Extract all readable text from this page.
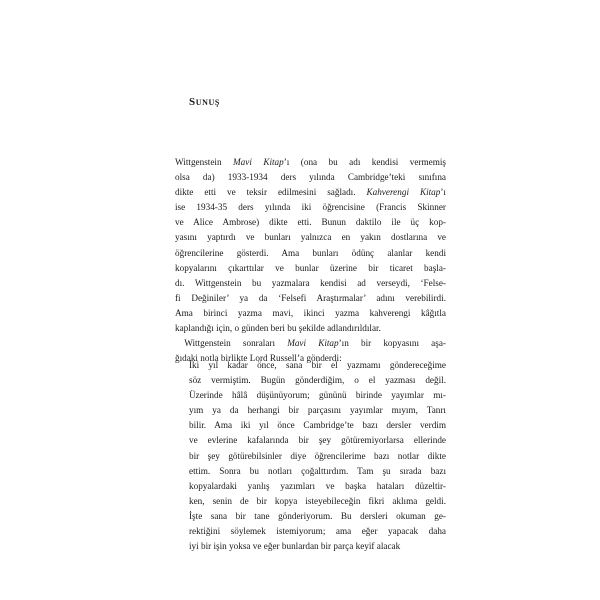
Sunuş
Wittgenstein Mavi Kitap’ı (ona bu adı kendisi vermemiş
olsa da) 1933-1934 ders yılında Cambridge’teki sınıfına
dikte etti ve teksir edilmesini sağladı. Kahverengi Kitap’ı
ise 1934-35 ders yılında iki öğrencisine (Francis Skinner
ve Alice Ambrose) dikte etti. Bunun daktilo ile üç kop-
yasını yaptırdı ve bunları yalnızca en yakın dostlarına ve
öğrencilerine gösterdi. Ama bunları ödünç alanlar kendi
kopyalarını çıkarttılar ve bunlar üzerine bir ticaret başla-
dı. Wittgenstein bu yazmalara kendisi ad verseydi, ‘Felse-
fi Değiniler’ ya da ‘Felsefi Araştırmalar’ adını verebilirdi.
Ama birinci yazma mavi, ikinci yazma kahverengi kâğıtla
kaplandığı için, o günden beri bu şekilde adlandırıldılar.
 Wittgenstein sonraları Mavi Kitap’ın bir kopyasını aşa-
ğıdaki notla birlikte Lord Russell’a gönderdi:
İki yıl kadar önce, sana bir el yazmamı göndereceğime
söz vermiştim. Bugün gönderdiğim, o el yazması değil.
Üzerinde hâlâ düşünüyorum; gününü birinde yayımlar mı-
yım ya da herhangi bir parçasını yayımlar mıyım, Tanrı
bilir. Ama iki yıl önce Cambridge’te bazı dersler verdim
ve evlerine kafalarında bir şey götüremiyorlarsa ellerinde
bir şey götürebilsinler diye öğrencilerime bazı notlar dikte
ettim. Sonra bu notları çoğalttırdım. Tam şu sırada bazı
kopyalardaki yanlış yazımları ve başka hataları düzeltir-
ken, senin de bir kopya isteyebileceğin fikri aklıma geldi.
İşte sana bir tane gönderiyorum. Bu dersleri okuman ge-
rektiğini söylemek istemiyorum; ama eğer yapacak daha
iyi bir işin yoksa ve eğer bunlardan bir parça keyif alacak
